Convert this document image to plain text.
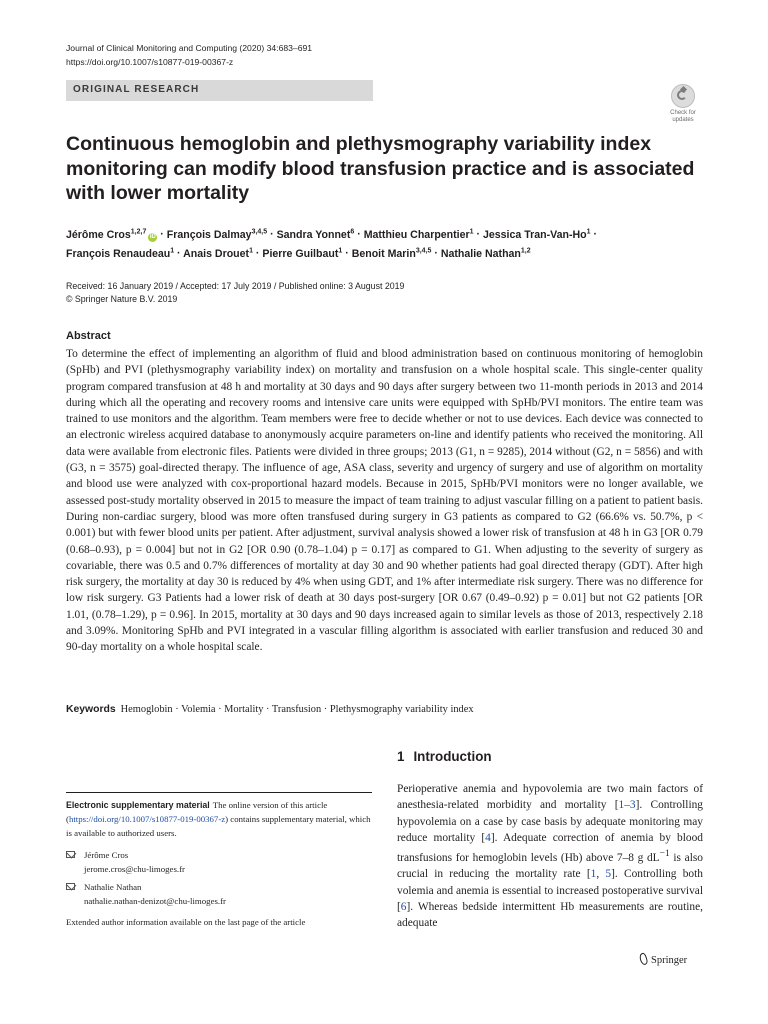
Journal of Clinical Monitoring and Computing (2020) 34:683–691
https://doi.org/10.1007/s10877-019-00367-z
ORIGINAL RESEARCH
Check for
updates
Continuous hemoglobin and plethysmography variability index monitoring can modify blood transfusion practice and is associated with lower mortality
Jérôme Cros$^{1,2,7}$iD · François Dalmay$^{3,4,5}$ · Sandra Yonnet$^6$ · Matthieu Charpentier$^1$ · Jessica Tran-$Van-Ho^1$ ·
François Renaudeau$^1$ · Anais Drouet$^1$ · Pierre Guilbaut$^1$ · Benoit Marin$^{3,4,5}$ · Nathalie Nathan$^{1,2}$
Received: 16 January 2019 / Accepted: 17 July 2019 / Published online: 3 August 2019
© Springer Nature B.V. 2019
Abstract
To determine the effect of implementing an algorithm of fluid and blood administration based on continuous monitoring of hemoglobin (SpHb) and PVI (plethysmography variability index) on mortality and transfusion on a whole hospital scale. This single-center quality program compared transfusion at 48 h and mortality at 30 days and 90 days after surgery between two 11-month periods in 2013 and 2014 during which all the operating and recovery rooms and intensive care units were equipped with SpHb/PVI monitors. The entire team was trained to use monitors and the algorithm. Team members were free to decide whether or not to use devices. Each device was connected to an electronic wireless acquired database to anonymously acquire parameters on-line and identify patients who received the monitoring. All data were available from electronic files. Patients were divided in three groups; 2013 (G1, n = 9285), 2014 without (G2, n = 5856) and with (G3, n = 3575) goal-directed therapy. The influence of age, ASA class, severity and urgency of surgery and use of algorithm on mortality and blood use were analyzed with cox-proportional hazard models. Because in 2015, SpHb/PVI monitors were no longer available, we assessed post-study mortality observed in 2015 to measure the impact of team training to adjust vascular filling on a patient to patient basis. During non-cardiac surgery, blood was more often transfused during surgery in G3 patients as compared to G2 (66.6% vs. 50.7%, p < 0.001) but with fewer blood units per patient. After adjustment, survival analysis showed a lower risk of transfusion at 48 h in G3 [OR 0.79 (0.68–0.93), p = 0.004] but not in G2 [OR 0.90 (0.78–1.04) p = 0.17] as compared to G1. When adjusting to the severity of surgery as covariable, there was 0.5 and 0.7% differences of mortality at day 30 and 90 whether patients had goal directed therapy (GDT). After high risk surgery, the mortality at day 30 is reduced by 4% when using GDT, and 1% after intermediate risk surgery. There was no difference for low risk surgery. G3 Patients had a lower risk of death at 30 days post-surgery [OR 0.67 (0.49–0.92) p = 0.01] but not G2 patients [OR 1.01, (0.78–1.29), p = 0.96]. In 2015, mortality at 30 days and 90 days increased again to similar levels as those of 2013, respectively 2.18 and 3.09%. Monitoring SpHb and PVI integrated in a vascular filling algorithm is associated with earlier transfusion and reduced 30 and 90-day mortality on a whole hospital scale.
Keywords Hemoglobin · Volemia · Mortality · Transfusion · Plethysmography variability index
1 Introduction
Perioperative anemia and hypovolemia are two main factors of anesthesia-related morbidity and mortality [1–3]. Controlling hypovolemia on a case by case basis by adequate monitoring may reduce mortality [4]. Adequate correction of anemia by blood transfusions for hemoglobin levels (Hb) above 7–8 g $dL^{-1}$ is also crucial in reducing the mortality rate [1, 5]. Controlling both volemia and anemia is essential to increased postoperative survival [6]. Whereas bedside intermittent Hb measurements are routine, adequate
Electronic supplementary material The online version of this article (https://doi.org/10.1007/s10877-019-00367-z) contains supplementary material, which is available to authorized users.
Jérôme Cros
jerome.cros@chu-limoges.fr
Nathalie Nathan
nathalie.nathan-denizot@chu-limoges.fr
Extended author information available on the last page of the article
Springer
